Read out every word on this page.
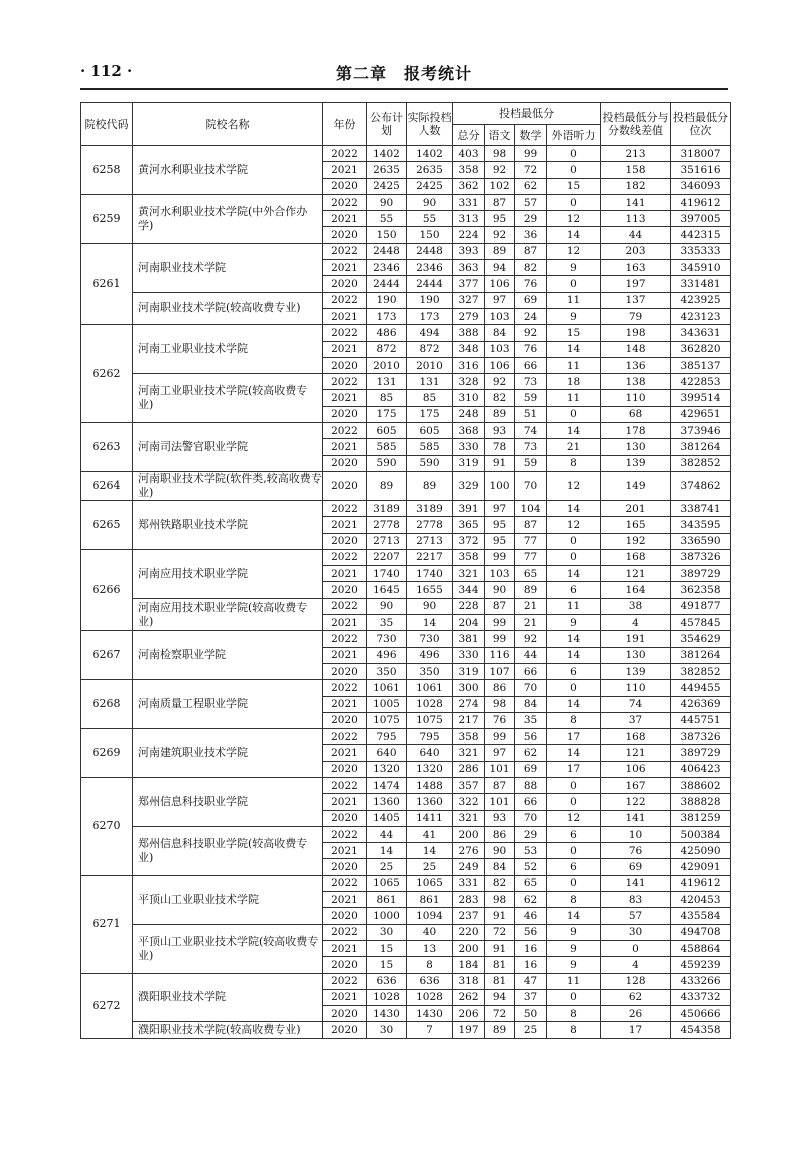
· 112 ·	第二章　报考统计
院校代码	院校名称	年份	公布计划	实际投档人数	投档最低分				投档最低分与分数线差值	投档最低分位次
					总分	语文	数学	外语听力		
6258	黄河水利职业技术学院	2022	1402	1402	403	98	99	0	213	318007
		2021	2635	2635	358	92	72	0	158	351616
		2020	2425	2425	362	102	62	15	182	346093
6259	黄河水利职业技术学院(中外合作办学)	2022	90	90	331	87	57	0	141	419612
		2021	55	55	313	95	29	12	113	397005
		2020	150	150	224	92	36	14	44	442315
6261	河南职业技术学院	2022	2448	2448	393	89	87	12	203	335333
		2021	2346	2346	363	94	82	9	163	345910
		2020	2444	2444	377	106	76	0	197	331481
	河南职业技术学院(较高收费专业)	2022	190	190	327	97	69	11	137	423925
		2021	173	173	279	103	24	9	79	423123
6262	河南工业职业技术学院	2022	486	494	388	84	92	15	198	343631
		2021	872	872	348	103	76	14	148	362820
		2020	2010	2010	316	106	66	11	136	385137
	河南工业职业技术学院(较高收费专业)	2022	131	131	328	92	73	18	138	422853
		2021	85	85	310	82	59	11	110	399514
		2020	175	175	248	89	51	0	68	429651
6263	河南司法警官职业学院	2022	605	605	368	93	74	14	178	373946
		2021	585	585	330	78	73	21	130	381264
		2020	590	590	319	91	59	8	139	382852
6264	河南职业技术学院(软件类,较高收费专业)	2020	89	89	329	100	70	12	149	374862
6265	郑州铁路职业技术学院	2022	3189	3189	391	97	104	14	201	338741
		2021	2778	2778	365	95	87	12	165	343595
		2020	2713	2713	372	95	77	0	192	336590
6266	河南应用技术职业学院	2022	2207	2217	358	99	77	0	168	387326
		2021	1740	1740	321	103	65	14	121	389729
		2020	1645	1655	344	90	89	6	164	362358
	河南应用技术职业学院(较高收费专业)	2022	90	90	228	87	21	11	38	491877
		2021	35	14	204	99	21	9	4	457845
6267	河南检察职业学院	2022	730	730	381	99	92	14	191	354629
		2021	496	496	330	116	44	14	130	381264
		2020	350	350	319	107	66	6	139	382852
6268	河南质量工程职业学院	2022	1061	1061	300	86	70	0	110	449455
		2021	1005	1028	274	98	84	14	74	426369
		2020	1075	1075	217	76	35	8	37	445751
6269	河南建筑职业技术学院	2022	795	795	358	99	56	17	168	387326
		2021	640	640	321	97	62	14	121	389729
		2020	1320	1320	286	101	69	17	106	406423
6270	郑州信息科技职业学院	2022	1474	1488	357	87	88	0	167	388602
		2021	1360	1360	322	101	66	0	122	388828
		2020	1405	1411	321	93	70	12	141	381259
	郑州信息科技职业学院(较高收费专业)	2022	44	41	200	86	29	6	10	500384
		2021	14	14	276	90	53	0	76	425090
		2020	25	25	249	84	52	6	69	429091
6271	平顶山工业职业技术学院	2022	1065	1065	331	82	65	0	141	419612
		2021	861	861	283	98	62	8	83	420453
		2020	1000	1094	237	91	46	14	57	435584
	平顶山工业职业技术学院(较高收费专业)	2022	30	40	220	72	56	9	30	494708
		2021	15	13	200	91	16	9	0	458864
		2020	15	8	184	81	16	9	4	459239
6272	濮阳职业技术学院	2022	636	636	318	81	47	11	128	433266
		2021	1028	1028	262	94	37	0	62	433732
		2020	1430	1430	206	72	50	8	26	450666
	濮阳职业技术学院(较高收费专业)	2020	30	7	197	89	25	8	17	454358
